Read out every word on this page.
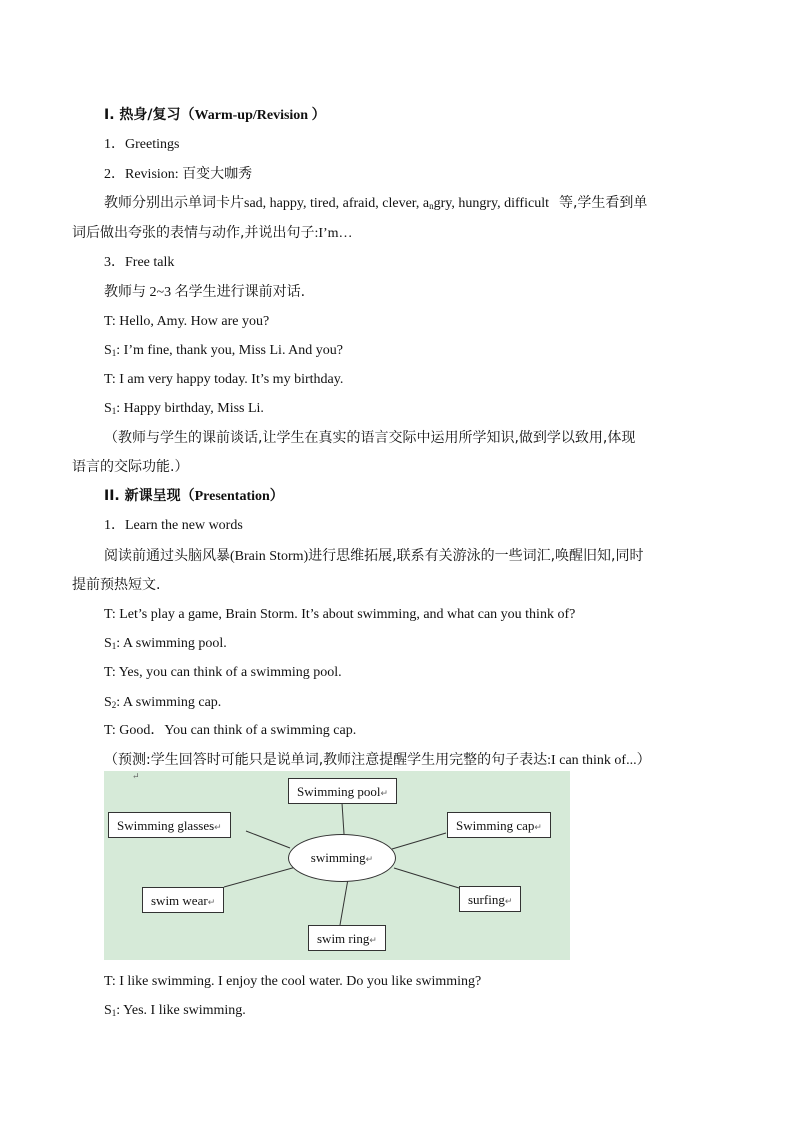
I. 热身/复习（Warm-up/Revision ）
1．Greetings
2．Revision: 百变大咖秀
教师分别出示单词卡片sad, happy, tired, afraid, clever, $a_ngry$, hungry, difficult 等,学生看到单
词后做出夸张的表情与动作,并说出句子:I’m…
3．Free talk
教师与 2~3 名学生进行课前对话.
T: Hello, Amy. How are you?
$S_1$: I’m fine, thank you, Miss Li. And you?
T: I am very happy today. It’s my birthday.
$S_1$: Happy birthday, Miss Li.
（教师与学生的课前谈话,让学生在真实的语言交际中运用所学知识,做到学以致用,体现
语言的交际功能.）
II. 新课呈现（Presentation）
1．Learn the new words
阅读前通过头脑风暴(Brain Storm)进行思维拓展,联系有关游泳的一些词汇,唤醒旧知,同时
提前预热短文.
T: Let’s play a game, Brain Storm. It’s about swimming, and what can you think of?
$S_1$: A swimming pool.
T: Yes, you can think of a swimming pool.
$S_2$: A swimming cap.
T: Good．You can think of a swimming cap.
（预测:学生回答时可能只是说单词,教师注意提醒学生用完整的句子表达:I can think of...）
↵
Swimming pool↵
Swimming glasses↵	Swimming cap↵
swimming↵
swim wear↵	surfing↵
swim ring↵
T: I like swimming. I enjoy the cool water. Do you like swimming?
$S_1$: Yes. I like swimming.
